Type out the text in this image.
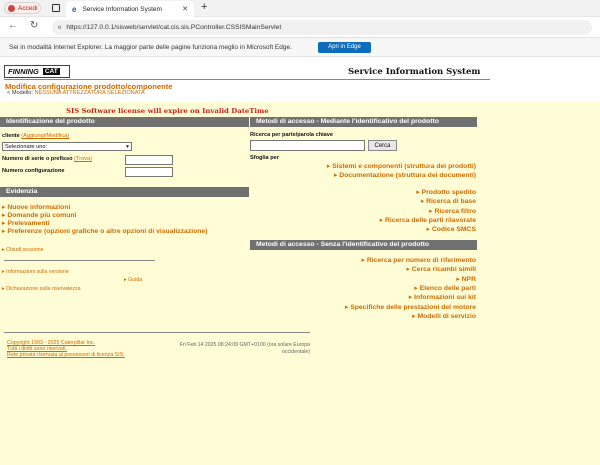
Accedi	e Service Information System	✕ +
← ↻	e https://127.0.0.1/sisweb/servlet/cat.cis.sis.PController.CSSISMainServlet
Sei in modalità Internet Explorer. La maggior parte delle pagine funziona meglio in Microsoft Edge.	Apri in Edge
FINNING CAT	Service Information System
Modifica configurazione prodotto/componente
< Modello: NESSUNA ATTREZZATURA SELEZIONATA
SIS Software license will expire on Invalid DateTime
Identificazione del prodotto
cliente (Aggiungi/Modifica)
Selezionare uno:	▼
Numero di serie o prefisso (Trova)
Numero configurazione
Evidenzia
▸ Nuove informazioni
▸ Domande più comuni
▸ Prelevamenti
▸ Preferenze (opzioni grafiche o altre opzioni di visualizzazione)
▸ Chiudi sessione
▸ Informazioni sulla versione
▸ Guida
▸ Dichiarazione sulla riservatezza
Copyright 1993 - 2025 Caterpillar Inc.
Tutti i diritti sono riservati.
Rete privata riservata ai possessori di licenza SIS.
Fri Feb 14 2025 08:24:09 GMT+0100 (ora solare Europa occidentale)
Metodi di accesso - Mediante l'identificativo del prodotto
Ricerca per parte/parola chiave
Cerca
Sfoglia per
▸ Sistemi e componenti (struttura dei prodotti)
▸ Documentazione (struttura dei documenti)
▸ Prodotto spedito
▸ Ricerca di base
▸ Ricerca filtro
▸ Ricerca delle parti rilavorate
▸ Codice SMCS
Metodi di accesso - Senza l'identificativo del prodotto
▸ Ricerca per numero di riferimento
▸ Cerca ricambi simili
▸ NPR
▸ Elenco delle parti
▸ Informazioni sui kit
▸ Specifiche delle prestazioni del motore
▸ Modelli di servizio
